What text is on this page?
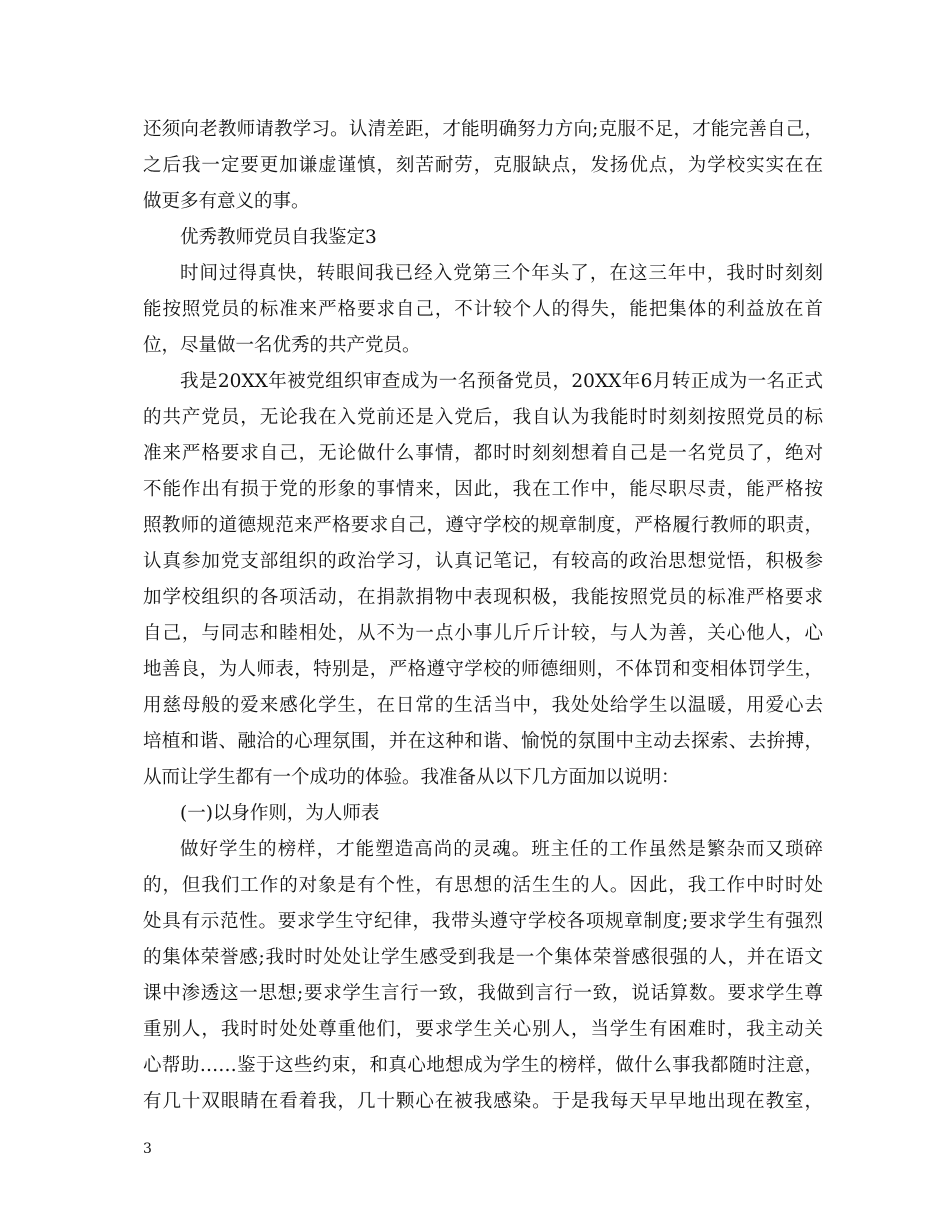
还须向老教师请教学习。认清差距，才能明确努力方向;克服不足，才能完善自己，
之后我一定要更加谦虚谨慎，刻苦耐劳，克服缺点，发扬优点，为学校实实在在
做更多有意义的事。
优秀教师党员自我鉴定3
时间过得真快，转眼间我已经入党第三个年头了，在这三年中，我时时刻刻
能按照党员的标准来严格要求自己，不计较个人的得失，能把集体的利益放在首
位，尽量做一名优秀的共产党员。
我是20XX年被党组织审查成为一名预备党员，20XX年6月转正成为一名正式
的共产党员，无论我在入党前还是入党后，我自认为我能时时刻刻按照党员的标
准来严格要求自己，无论做什么事情，都时时刻刻想着自己是一名党员了，绝对
不能作出有损于党的形象的事情来，因此，我在工作中，能尽职尽责，能严格按
照教师的道德规范来严格要求自己，遵守学校的规章制度，严格履行教师的职责，
认真参加党支部组织的政治学习，认真记笔记，有较高的政治思想觉悟，积极参
加学校组织的各项活动，在捐款捐物中表现积极，我能按照党员的标准严格要求
自己，与同志和睦相处，从不为一点小事儿斤斤计较，与人为善，关心他人，心
地善良，为人师表，特别是，严格遵守学校的师德细则，不体罚和变相体罚学生，
用慈母般的爱来感化学生，在日常的生活当中，我处处给学生以温暖，用爱心去
培植和谐、融洽的心理氛围，并在这种和谐、愉悦的氛围中主动去探索、去拚搏，
从而让学生都有一个成功的体验。我准备从以下几方面加以说明：
(一)以身作则，为人师表
做好学生的榜样，才能塑造高尚的灵魂。班主任的工作虽然是繁杂而又琐碎
的，但我们工作的对象是有个性，有思想的活生生的人。因此，我工作中时时处
处具有示范性。要求学生守纪律，我带头遵守学校各项规章制度;要求学生有强烈
的集体荣誉感;我时时处处让学生感受到我是一个集体荣誉感很强的人，并在语文
课中渗透这一思想;要求学生言行一致，我做到言行一致，说话算数。要求学生尊
重别人，我时时处处尊重他们，要求学生关心别人，当学生有困难时，我主动关
心帮助……鉴于这些约束，和真心地想成为学生的榜样，做什么事我都随时注意，
有几十双眼睛在看着我，几十颗心在被我感染。于是我每天早早地出现在教室，
3
